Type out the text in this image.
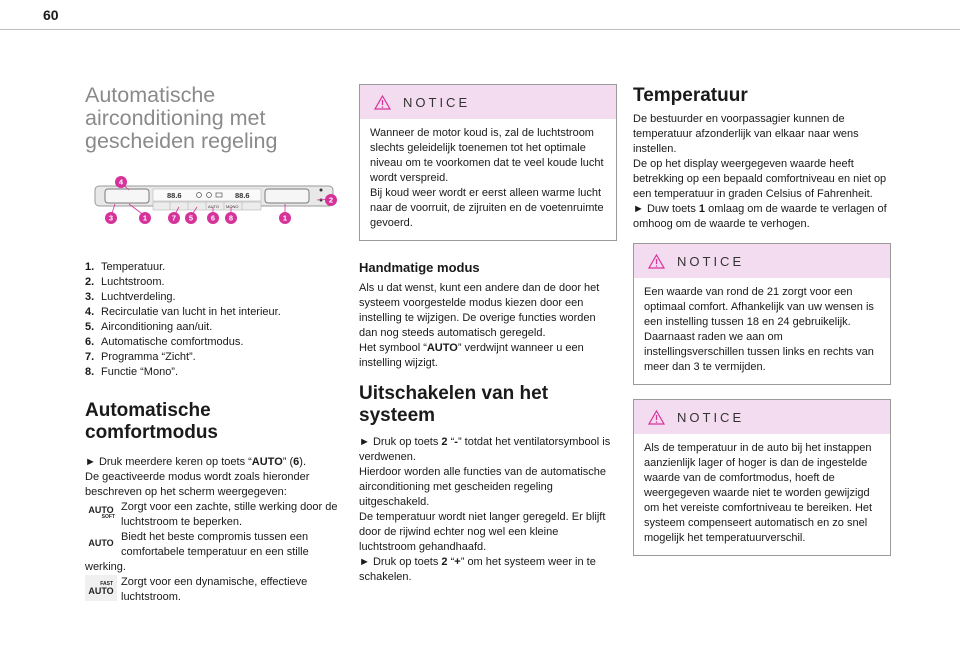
60
Automatische airconditioning met gescheiden regeling
88.6	88.6
AUTO MONO
4
2
3	1	7 5 6 8	1
1. Temperatuur.
2. Luchtstroom.
3. Luchtverdeling.
4. Recirculatie van lucht in het interieur.
5. Airconditioning aan/uit.
6. Automatische comfortmodus.
7. Programma “Zicht”.
8. Functie “Mono”.
Automatische comfortmodus

► Druk meerdere keren op toets “AUTO” (6).

De geactiveerde modus wordt zoals hieronder beschreven op het scherm weergegeven:

AUTO
SOFT
Zorgt voor een zachte, stille werking door de luchtstroom te beperken.
AUTO Biedt het beste compromis tussen een comfortabele temperatuur en een stille

werking.

FAST
AUTO
Zorgt voor een dynamische, effectieve luchtstroom.
NOTICE

Wanneer de motor koud is, zal de luchtstroom slechts geleidelijk toenemen tot het optimale niveau om te voorkomen dat te veel koude lucht wordt verspreid.

Bij koud weer wordt er eerst alleen warme lucht naar de voorruit, de zijruiten en de voetenruimte gevoerd.

Handmatige modus

Als u dat wenst, kunt een andere dan de door het systeem voorgestelde modus kiezen door een instelling te wijzigen. De overige functies worden dan nog steeds automatisch geregeld.

Het symbool “AUTO” verdwijnt wanneer u een instelling wijzigt.

Uitschakelen van het systeem

► Druk op toets 2 “-” totdat het ventilatorsymbool is verdwenen.

Hierdoor worden alle functies van de automatische airconditioning met gescheiden regeling uitgeschakeld.

De temperatuur wordt niet langer geregeld. Er blijft door de rijwind echter nog wel een kleine luchtstroom gehandhaafd.

► Druk op toets 2 “+” om het systeem weer in te schakelen.

Temperatuur

De bestuurder en voorpassagier kunnen de temperatuur afzonderlijk van elkaar naar wens instellen.

De op het display weergegeven waarde heeft betrekking op een bepaald comfortniveau en niet op een temperatuur in graden Celsius of Fahrenheit.

► Duw toets 1 omlaag om de waarde te verlagen of omhoog om de waarde te verhogen.

NOTICE

Een waarde van rond de 21 zorgt voor een optimaal comfort. Afhankelijk van uw wensen is een instelling tussen 18 en 24 gebruikelijk.

Daarnaast raden we aan om instellingsverschillen tussen links en rechts van meer dan 3 te vermijden.

NOTICE

Als de temperatuur in de auto bij het instappen aanzienlijk lager of hoger is dan de ingestelde waarde van de comfortmodus, hoeft de weergegeven waarde niet te worden gewijzigd om het vereiste comfortniveau te bereiken. Het systeem compenseert automatisch en zo snel mogelijk het temperatuurverschil.
